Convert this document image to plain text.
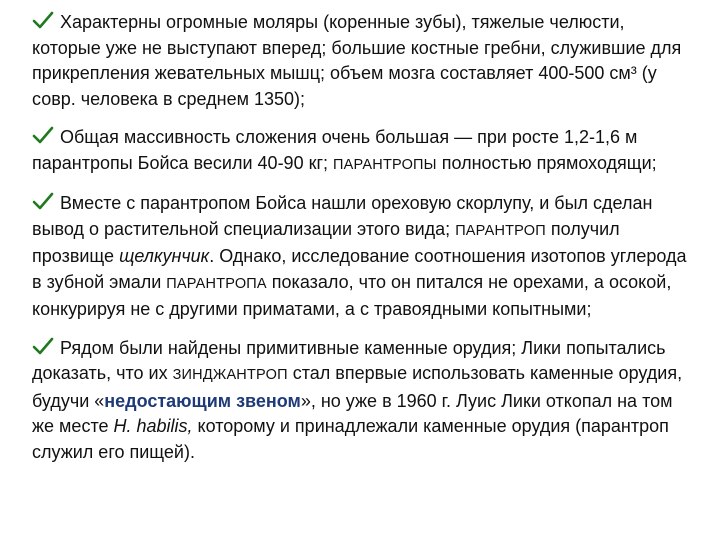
Характерны огромные моляры (коренные зубы), тяжелые челюсти, которые уже не выступают вперед; большие костные гребни, служившие для прикрепления жевательных мышц; объем мозга составляет 400-500 см³ (у совр. человека в среднем 1350);
Общая массивность сложения очень большая — при росте 1,2-1,6 м парантропы Бойса весили 40-90 кг; ПАРАНТРОПЫ полностью прямоходящи;
Вместе с парантропом Бойса нашли ореховую скорлупу, и был сделан вывод о растительной специализации этого вида; ПАРАНТРОП получил прозвище щелкунчик. Однако, исследование соотношения изотопов углерода в зубной эмали ПАРАНТРОПА показало, что он питался не орехами, а осокой, конкурируя не с другими приматами, а с травоядными копытными;
Рядом были найдены примитивные каменные орудия; Лики попытались доказать, что их ЗИНДЖАНТРОП стал впервые использовать каменные орудия, будучи «недостающим звеном», но уже в 1960 г. Луис Лики откопал на том же месте H. habilis, которому и принадлежали каменные орудия (парантроп служил его пищей).
